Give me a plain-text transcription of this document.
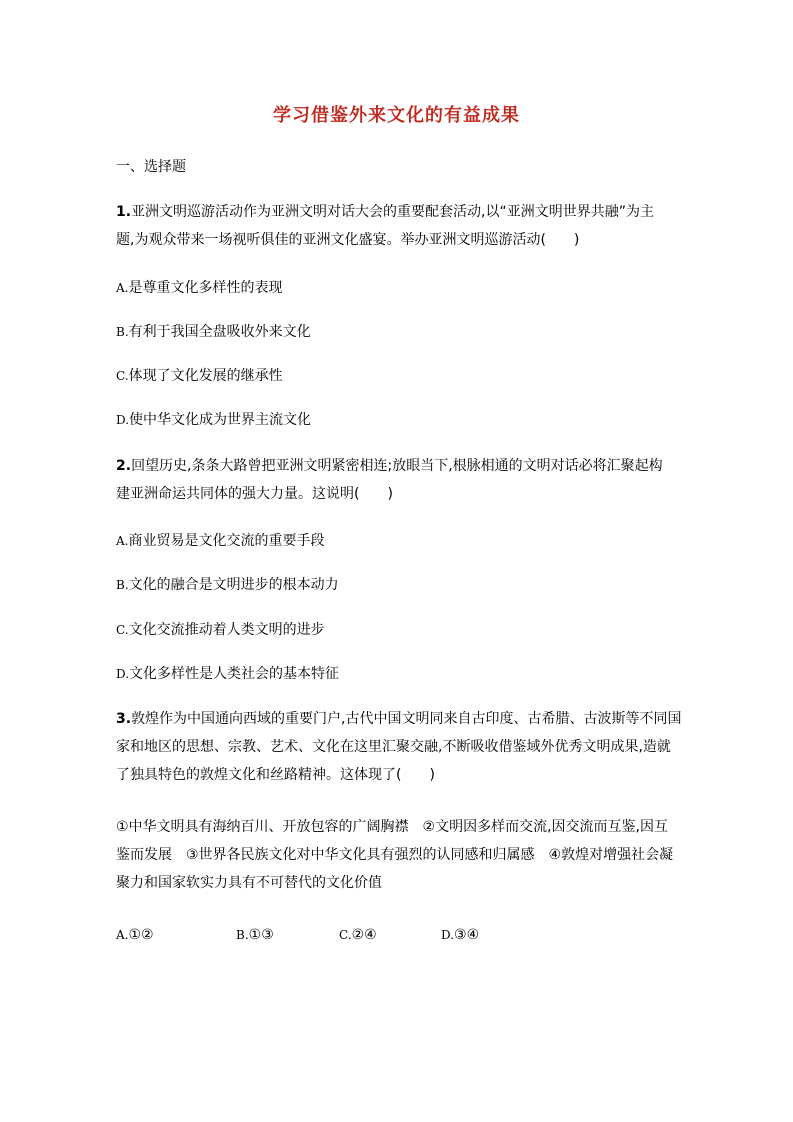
学习借鉴外来文化的有益成果
一、选择题
1.亚洲文明巡游活动作为亚洲文明对话大会的重要配套活动,以“亚洲文明世界共融”为主
题,为观众带来一场视听俱佳的亚洲文化盛宴。举办亚洲文明巡游活动(　　)
A.是尊重文化多样性的表现
B.有利于我国全盘吸收外来文化
C.体现了文化发展的继承性
D.使中华文化成为世界主流文化
2.回望历史,条条大路曾把亚洲文明紧密相连;放眼当下,根脉相通的文明对话必将汇聚起构
建亚洲命运共同体的强大力量。这说明(　　)
A.商业贸易是文化交流的重要手段
B.文化的融合是文明进步的根本动力
C.文化交流推动着人类文明的进步
D.文化多样性是人类社会的基本特征
3.敦煌作为中国通向西域的重要门户,古代中国文明同来自古印度、古希腊、古波斯等不同国
家和地区的思想、宗教、艺术、文化在这里汇聚交融,不断吸收借鉴域外优秀文明成果,造就
了独具特色的敦煌文化和丝路精神。这体现了(　　)
①中华文明具有海纳百川、开放包容的广阔胸襟　②文明因多样而交流,因交流而互鉴,因互
鉴而发展　③世界各民族文化对中华文化具有强烈的认同感和归属感　④敦煌对增强社会凝
聚力和国家软实力具有不可替代的文化价值
A.①②	B.①③	C.②④	D.③④
